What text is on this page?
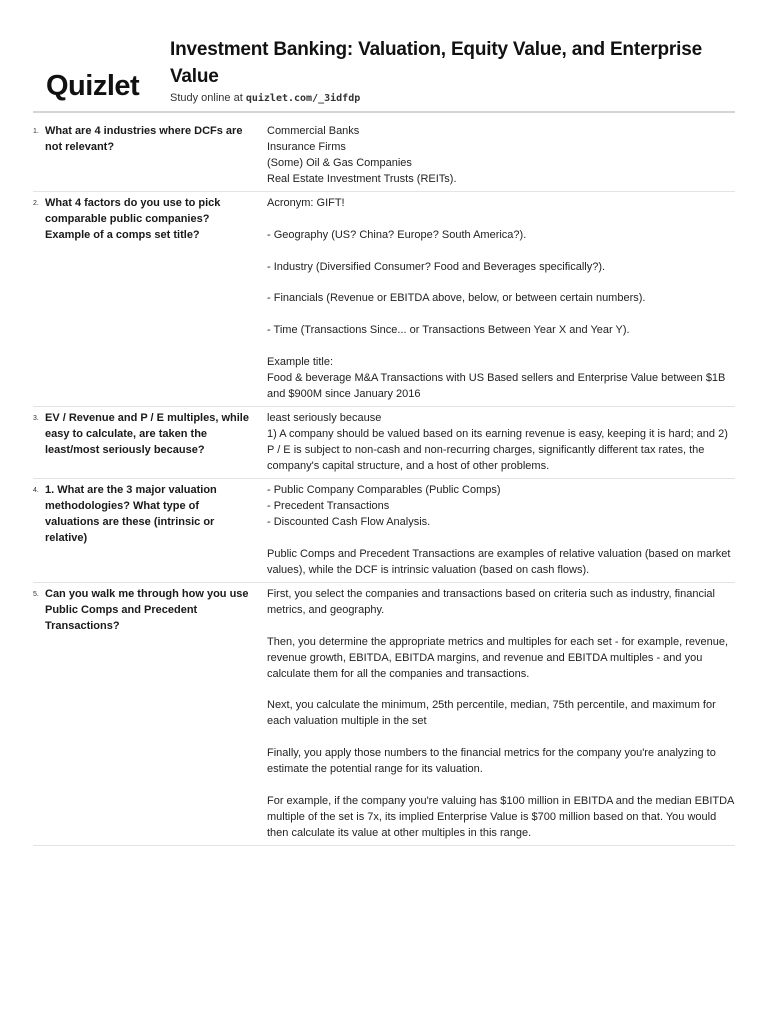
Quizlet
Investment Banking: Valuation, Equity Value, and Enterprise Value
Study online at quizlet.com/_3idfdp
1. What are 4 industries where DCFs are not relevant?

Commercial Banks
Insurance Firms
(Some) Oil & Gas Companies
Real Estate Investment Trusts (REITs).

2. What 4 factors do you use to pick comparable public companies? Example of a comps set title?

Acronym: GIFT!

- Geography (US? China? Europe? South America?).

- Industry (Diversified Consumer? Food and Beverages specifically?).

- Financials (Revenue or EBITDA above, below, or between certain numbers).

- Time (Transactions Since... or Transactions Between Year X and Year Y).

Example title:
Food & beverage M&A Transactions with US Based sellers and Enterprise Value between $1B and $900M since January 2016

3. EV / Revenue and P / E multiples, while easy to calculate, are taken the least/most seriously because?

least seriously because
1) A company should be valued based on its earning revenue is easy, keeping it is hard; and 2) P / E is subject to non-cash and non-recurring charges, significantly different tax rates, the company's capital structure, and a host of other problems.

4. 1. What are the 3 major valuation methodologies? What type of valuations are these (intrinsic or relative)

- Public Company Comparables (Public Comps)
- Precedent Transactions
- Discounted Cash Flow Analysis.

Public Comps and Precedent Transactions are examples of relative valuation (based on market values), while the DCF is intrinsic valuation (based on cash flows).

5. Can you walk me through how you use Public Comps and Precedent Transactions?

First, you select the companies and transactions based on criteria such as industry, financial metrics, and geography.

Then, you determine the appropriate metrics and multiples for each set - for example, revenue, revenue growth, EBITDA, EBITDA margins, and revenue and EBITDA multiples - and you calculate them for all the companies and transactions.

Next, you calculate the minimum, 25th percentile, median, 75th percentile, and maximum for each valuation multiple in the set

Finally, you apply those numbers to the financial metrics for the company you're analyzing to estimate the potential range for its valuation.

For example, if the company you're valuing has $100 million in EBITDA and the median EBITDA multiple of the set is 7x, its implied Enterprise Value is $700 million based on that. You would then calculate its value at other multiples in this range.
